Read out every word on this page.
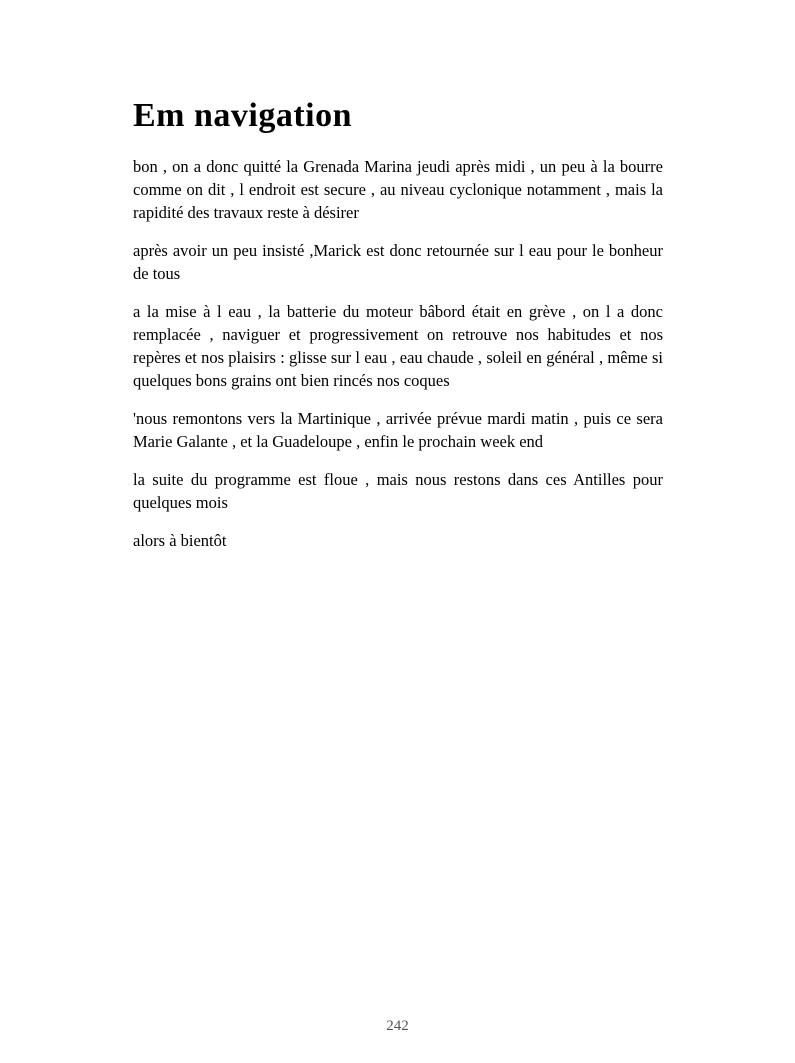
Em navigation

bon , on a donc quitté la Grenada Marina jeudi après midi , un peu à la bourre comme on dit , l endroit est secure , au niveau cyclonique notamment , mais la rapidité des travaux reste à désirer

après avoir un peu insisté ,Marick est donc retournée sur l eau pour le bonheur de tous

a la mise à l eau , la batterie du moteur bâbord était en grève , on l a donc remplacée , naviguer et progressivement on retrouve nos habitudes et nos repères et nos plaisirs : glisse sur l eau , eau chaude , soleil en général , même si quelques bons grains ont bien rincés nos coques

'nous remontons vers la Martinique , arrivée prévue mardi matin , puis ce sera Marie Galante , et la Guadeloupe , enfin le prochain week end

la suite du programme est floue , mais nous restons dans ces Antilles pour quelques mois

alors à bientôt

242
